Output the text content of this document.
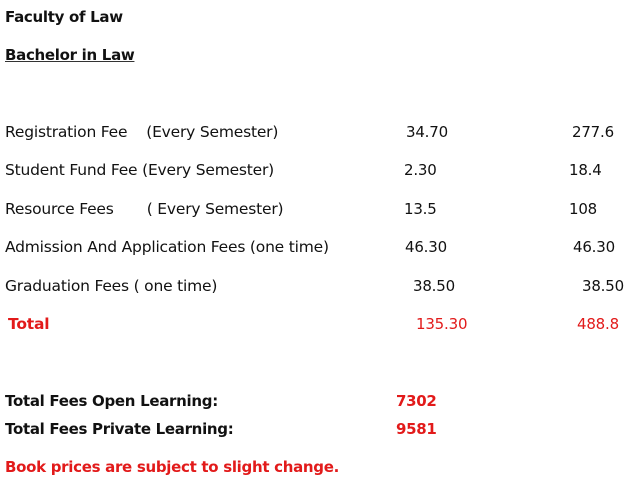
Faculty of Law
Bachelor in Law
Registration Fee    (Every Semester)	34.70	277.6
Student Fund Fee (Every Semester)	2.30	18.4
Resource Fees       ( Every Semester)	13.5	108
Admission And Application Fees (one time)	46.30	46.30
Graduation Fees ( one time)	38.50	38.50
Total	135.30	488.8
Total Fees Open Learning:	7302
Total Fees Private Learning:	9581
Book prices are subject to slight change.
